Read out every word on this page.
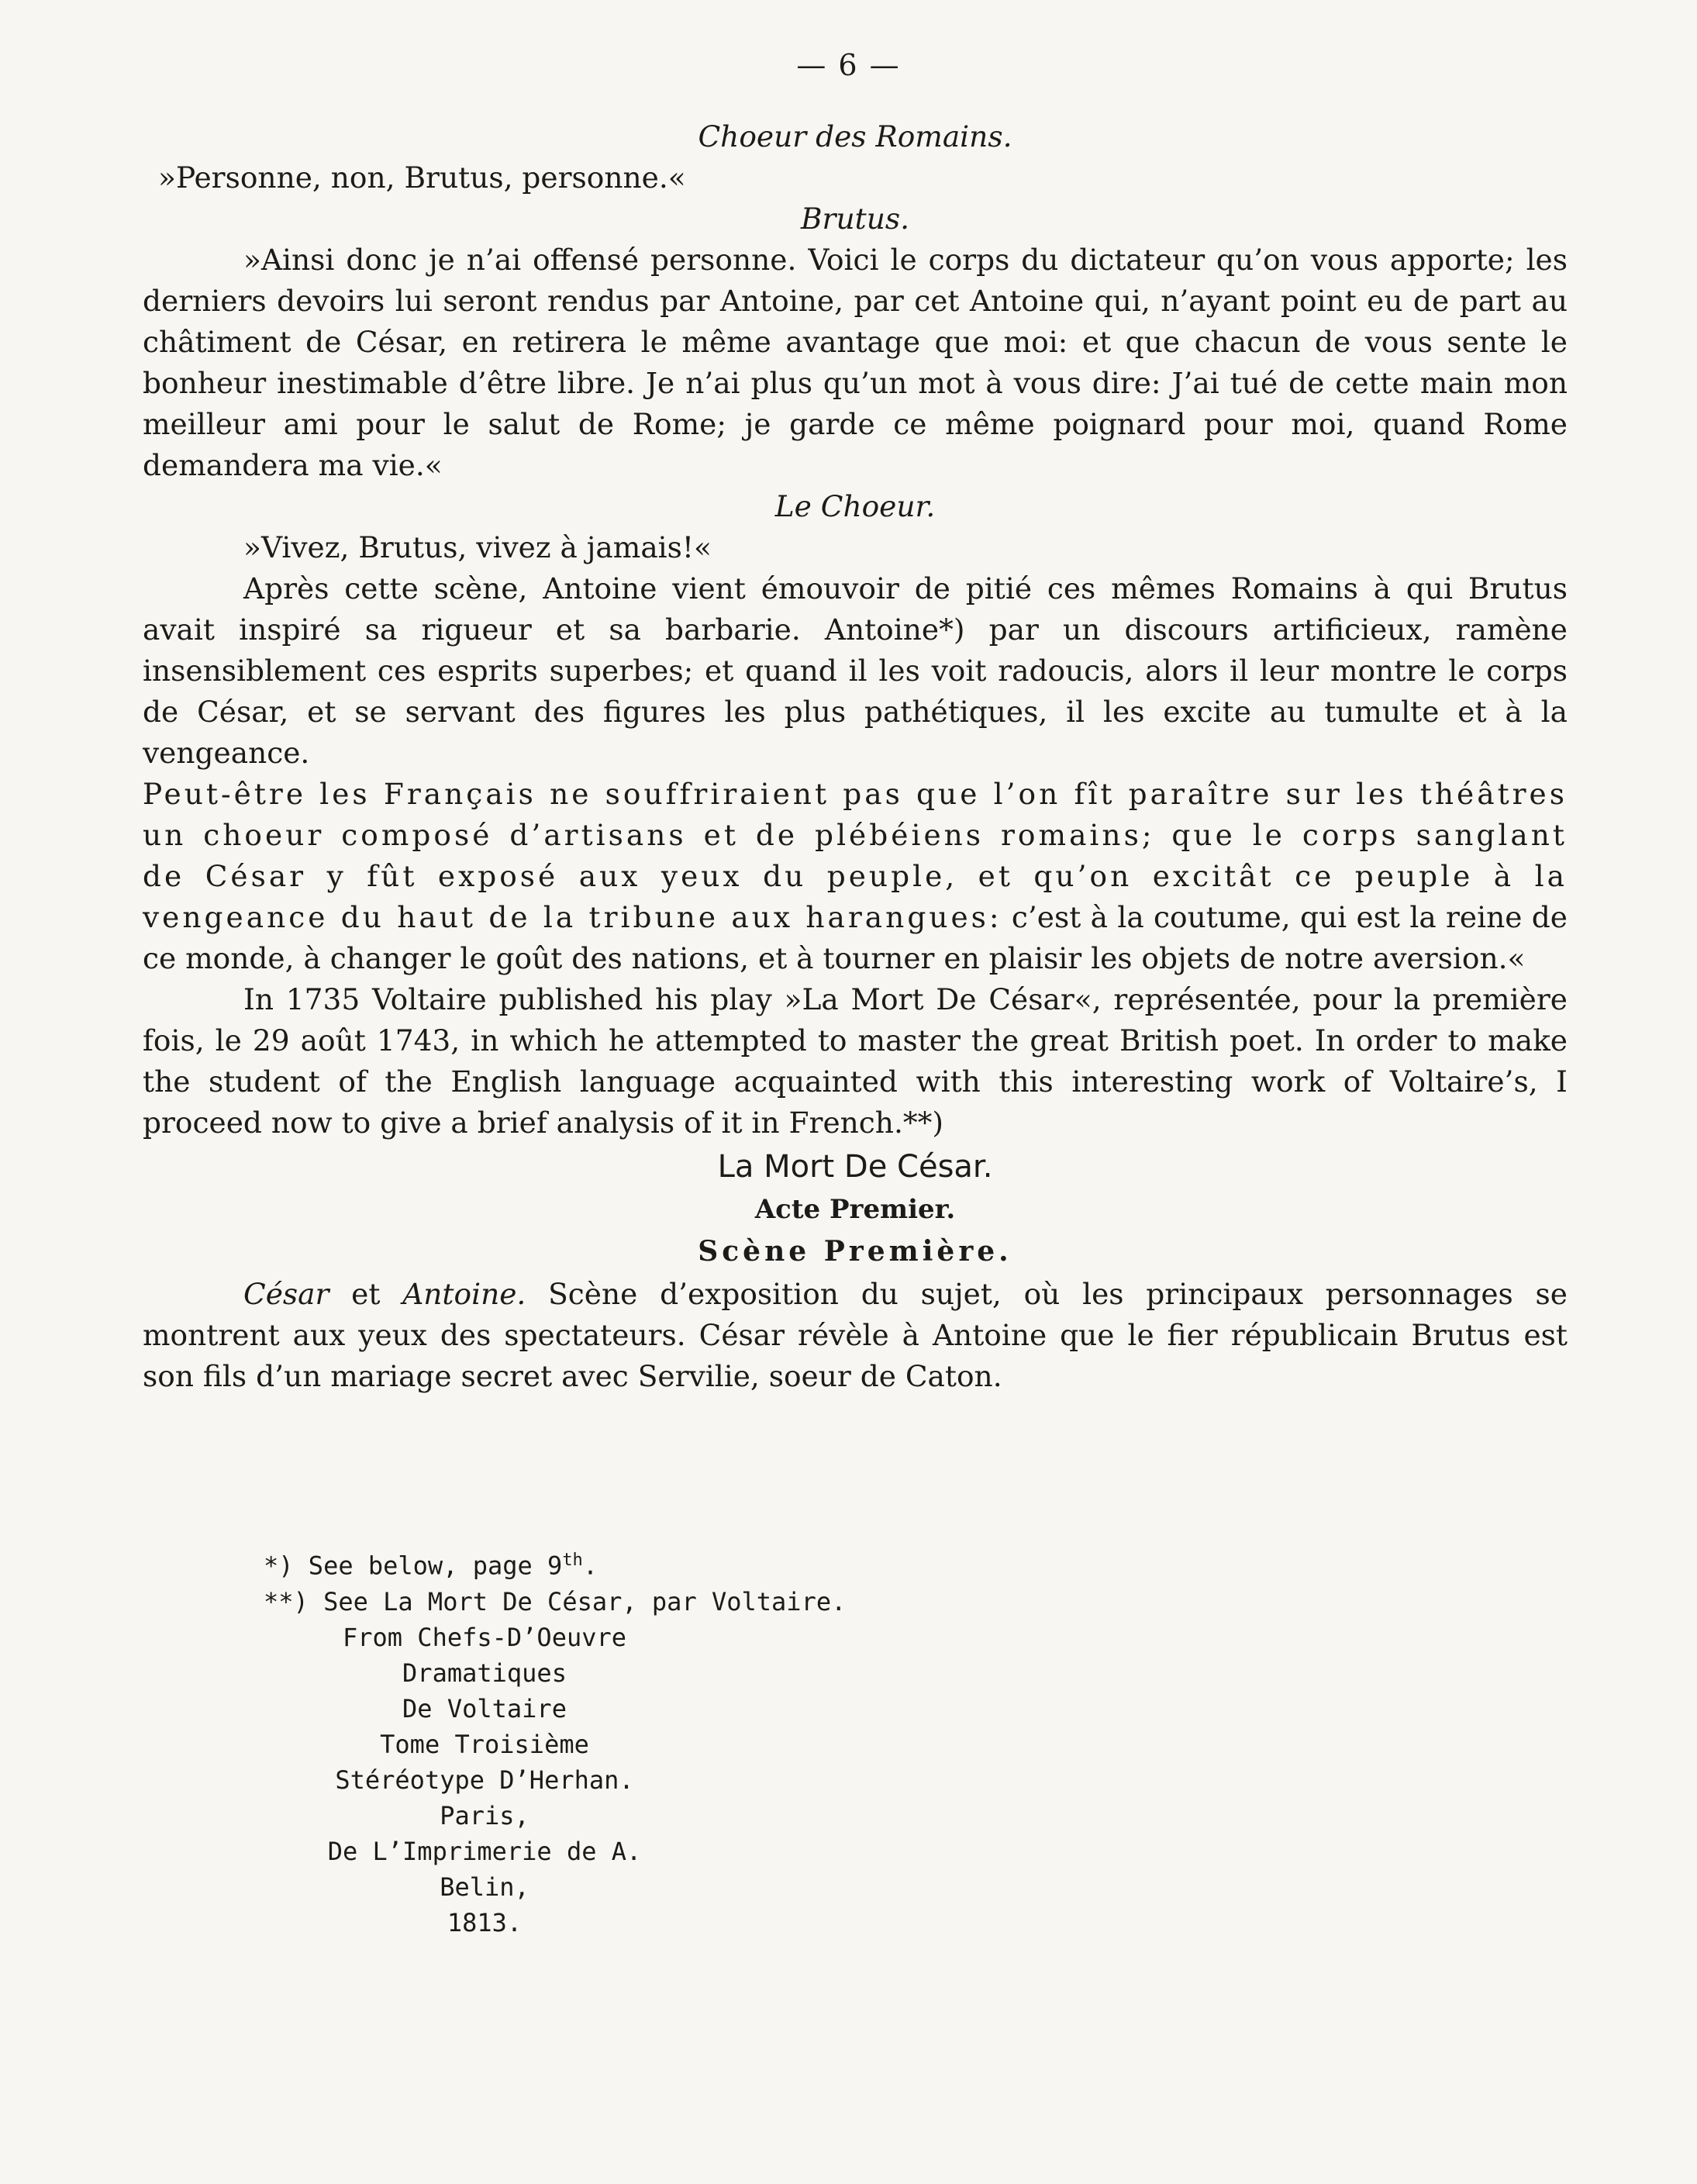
— 6 —

Choeur des Romains.

»Personne, non, Brutus, personne.«

Brutus.

»Ainsi donc je n’ai offensé personne. Voici le corps du dictateur qu’on vous apporte; les derniers devoirs lui seront rendus par Antoine, par cet Antoine qui, n’ayant point eu de part au châtiment de César, en retirera le même avantage que moi: et que chacun de vous sente le bonheur inestimable d’être libre. Je n’ai plus qu’un mot à vous dire: J’ai tué de cette main mon meilleur ami pour le salut de Rome; je garde ce même poignard pour moi, quand Rome demandera ma vie.«

Le Choeur.

»Vivez, Brutus, vivez à jamais!«

Après cette scène, Antoine vient émouvoir de pitié ces mêmes Romains à qui Brutus avait inspiré sa rigueur et sa barbarie. Antoine*) par un discours artificieux, ramène insensiblement ces esprits superbes; et quand il les voit radoucis, alors il leur montre le corps de César, et se servant des figures les plus pathétiques, il les excite au tumulte et à la vengeance.

Peut-être les Français ne souffriraient pas que l’on fît paraître sur les théâtres un choeur composé d’artisans et de plébéiens romains; que le corps sanglant de César y fût exposé aux yeux du peuple, et qu’on excitât ce peuple à la vengeance du haut de la tribune aux harangues: c’est à la coutume, qui est la reine de ce monde, à changer le goût des nations, et à tourner en plaisir les objets de notre aversion.«

In 1735 Voltaire published his play »La Mort De César«, représentée, pour la première fois, le 29 août 1743, in which he attempted to master the great British poet. In order to make the student of the English language acquainted with this interesting work of Voltaire’s, I proceed now to give a brief analysis of it in French.**)

La Mort De César.

Acte Premier.

Scène Première.

César et Antoine. Scène d’exposition du sujet, où les principaux personnages se montrent aux yeux des spectateurs. César révèle à Antoine que le fier républicain Brutus est son fils d’un mariage secret avec Servilie, soeur de Caton.

*) See below, page 9th.
**) See La Mort De César, par Voltaire.
From Chefs-D’Oeuvre
Dramatiques
De Voltaire
Tome Troisième
Stéréotype D’Herhan.
Paris,
De L’Imprimerie de A. Belin,
1813.
